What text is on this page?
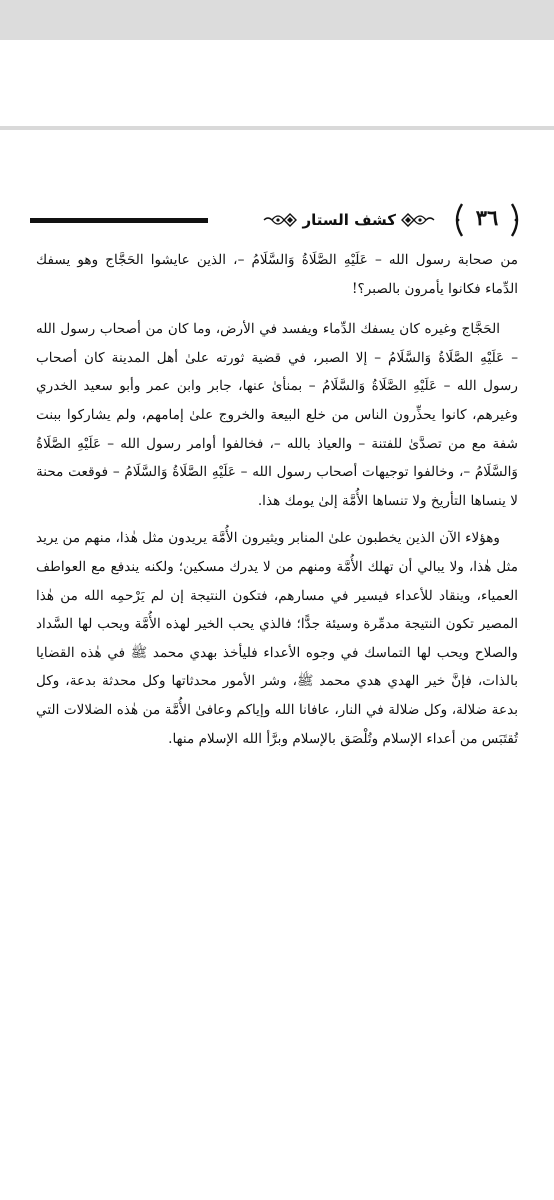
٣٦
كشف الستار

من صحابة رسول الله – عَلَيْهِ الصَّلَاةُ وَالسَّلَامُ –، الذين عايشوا الحَجَّاج وهو يسفك الدِّماء فكانوا يأمرون بالصبر؟!

الحَجَّاج وغيره كان يسفك الدِّماء ويفسد في الأرض، وما كان من أصحاب رسول الله – عَلَيْهِ الصَّلَاةُ وَالسَّلَامُ – إلا الصبر، في قضية ثورته علىٰ أهل المدينة كان أصحاب رسول الله – عَلَيْهِ الصَّلَاةُ وَالسَّلَامُ – بمنأىٰ عنها، جابر وابن عمر وأبو سعيد الخدري وغيرهم، كانوا يحذِّرون الناس من خلع البيعة والخروج علىٰ إمامهم، ولم يشاركوا ببنت شفة مع من تصدَّىٰ للفتنة – والعياذ بالله –، فخالفوا أوامر رسول الله – عَلَيْهِ الصَّلَاةُ وَالسَّلَامُ –، وخالفوا توجيهات أصحاب رسول الله – عَلَيْهِ الصَّلَاةُ وَالسَّلَامُ – فوقعت محنة لا ينساها التأريخ ولا تنساها الأُمَّة إلىٰ يومك هذا.

وهؤلاء الآن الذين يخطبون علىٰ المنابر ويثيرون الأُمَّة يريدون مثل هٰذا، منهم من يريد مثل هٰذا، ولا يبالي أن تهلك الأُمَّة ومنهم من لا يدرك مسكين؛ ولكنه يندفع مع العواطف العمياء، وينقاد للأعداء فيسير في مسارهم، فتكون النتيجة إن لم يَرْحمِه الله من هٰذا المصير تكون النتيجة مدمِّرة وسيئة جدًّا؛ فالذي يحب الخير لهذه الأُمَّة ويحب لها السَّداد والصلاح ويحب لها التماسك في وجوه الأعداء فليأخذ بهدي محمد ﷺ في هٰذه القضايا بالذات، فإنَّ خير الهدي هدي محمد ﷺ، وشر الأمور محدثاتها وكل محدثة بدعة، وكل بدعة ضلالة، وكل ضلالة في النار، عافانا الله وإياكم وعافىٰ الأُمَّة من هٰذه الضلالات التي تُقتَبَس من أعداء الإسلام وتُلْصَق بالإسلام وبرَّأ الله الإسلام منها.
